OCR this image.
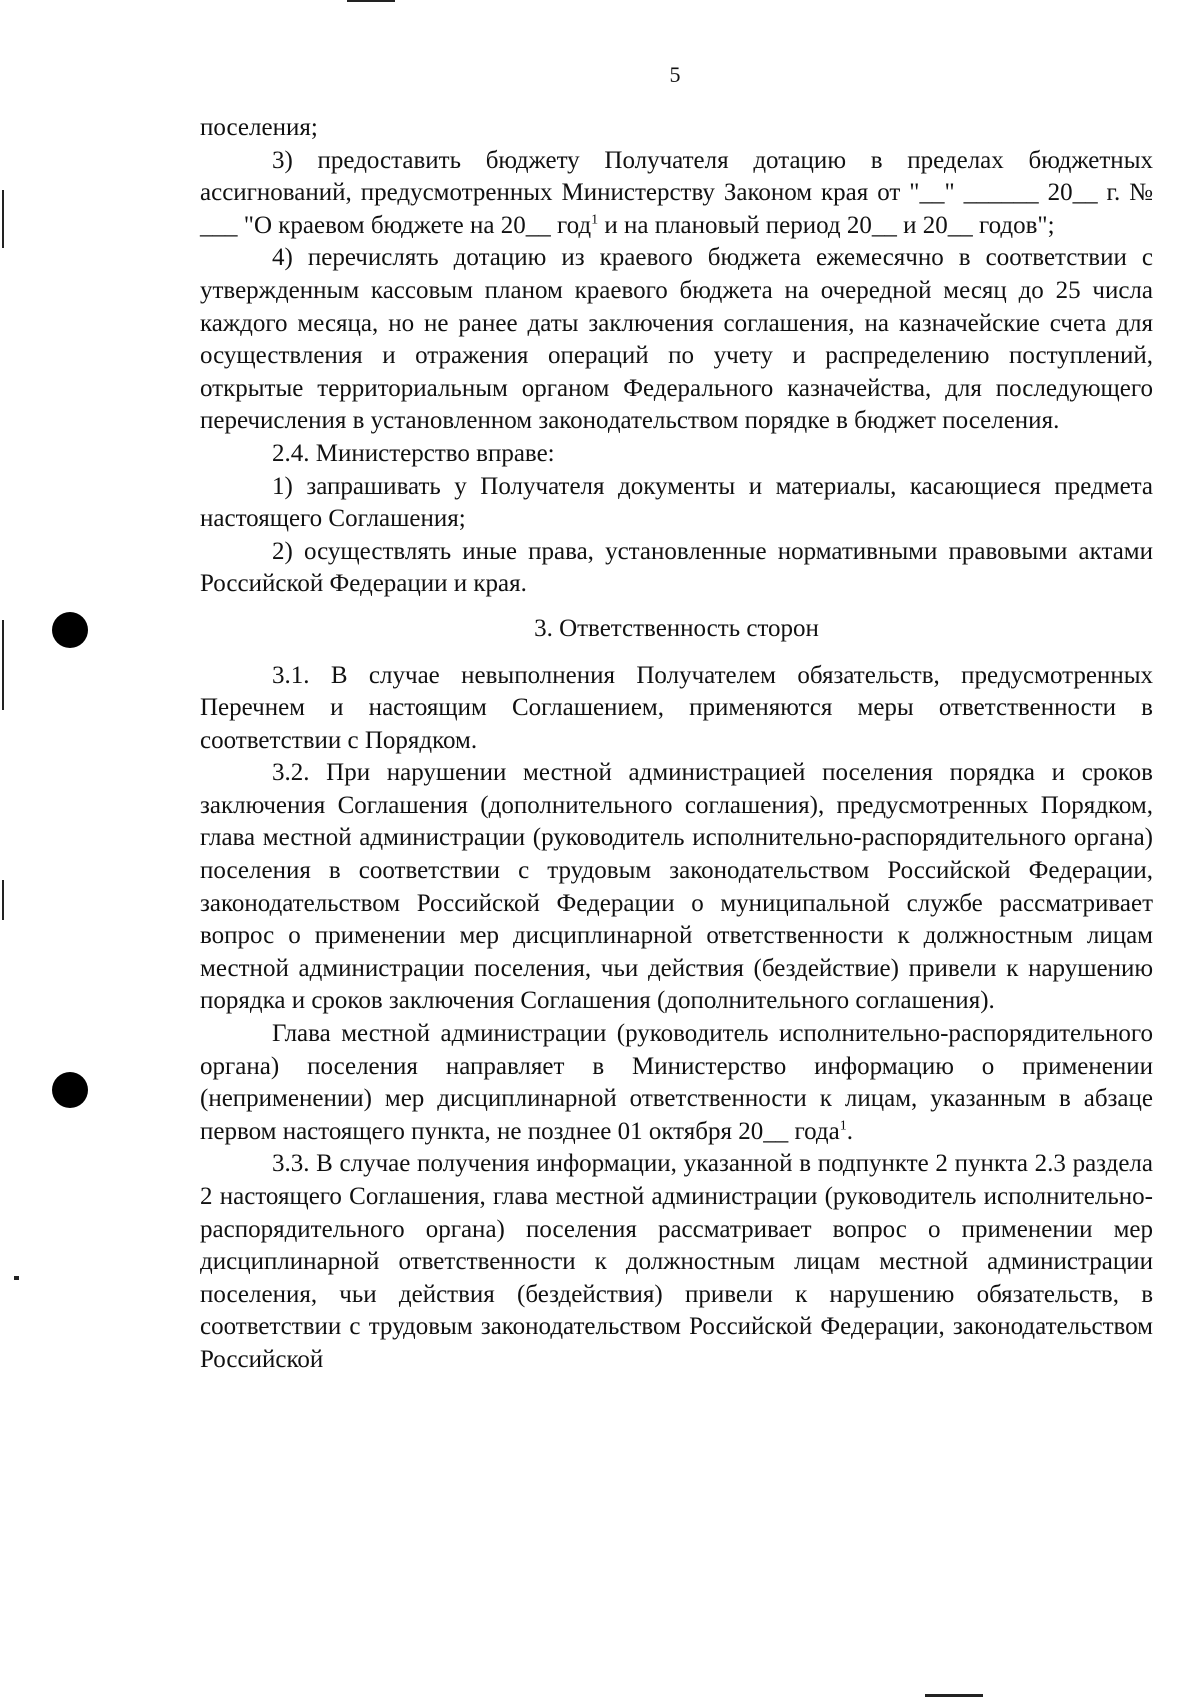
5

поселения;

3) предоставить бюджету Получателя дотацию в пределах бюджетных ассигнований, предусмотренных Министерству Законом края от "__" ______ 20__ г. № ___ "О краевом бюджете на 20__ год$^1$ и на плановый период 20__ и 20__ годов";

4) перечислять дотацию из краевого бюджета ежемесячно в соответствии с утвержденным кассовым планом краевого бюджета на очередной месяц до 25 числа каждого месяца, но не ранее даты заключения соглашения, на казначейские счета для осуществления и отражения операций по учету и распределению поступлений, открытые территориальным органом Федерального казначейства, для последующего перечисления в установленном законодательством порядке в бюджет поселения.

2.4. Министерство вправе:

1) запрашивать у Получателя документы и материалы, касающиеся предмета настоящего Соглашения;

2) осуществлять иные права, установленные нормативными правовыми актами Российской Федерации и края.

3. Ответственность сторон

3.1. В случае невыполнения Получателем обязательств, предусмотренных Перечнем и настоящим Соглашением, применяются меры ответственности в соответствии с Порядком.

3.2. При нарушении местной администрацией поселения порядка и сроков заключения Соглашения (дополнительного соглашения), предусмотренных Порядком, глава местной администрации (руководитель исполнительно-распорядительного органа) поселения в соответствии с трудовым законодательством Российской Федерации, законодательством Российской Федерации о муниципальной службе рассматривает вопрос о применении мер дисциплинарной ответственности к должностным лицам местной администрации поселения, чьи действия (бездействие) привели к нарушению порядка и сроков заключения Соглашения (дополнительного соглашения).

Глава местной администрации (руководитель исполнительно-распорядительного органа) поселения направляет в Министерство информацию о применении (неприменении) мер дисциплинарной ответственности к лицам, указанным в абзаце первом настоящего пункта, не позднее 01 октября 20__ года$^1$.

3.3. В случае получения информации, указанной в подпункте 2 пункта 2.3 раздела 2 настоящего Соглашения, глава местной администрации (руководитель исполнительно-распорядительного органа) поселения рассматривает вопрос о применении мер дисциплинарной ответственности к должностным лицам местной администрации поселения, чьи действия (бездействия) привели к нарушению обязательств, в соответствии с трудовым законодательством Российской Федерации, законодательством Российской
